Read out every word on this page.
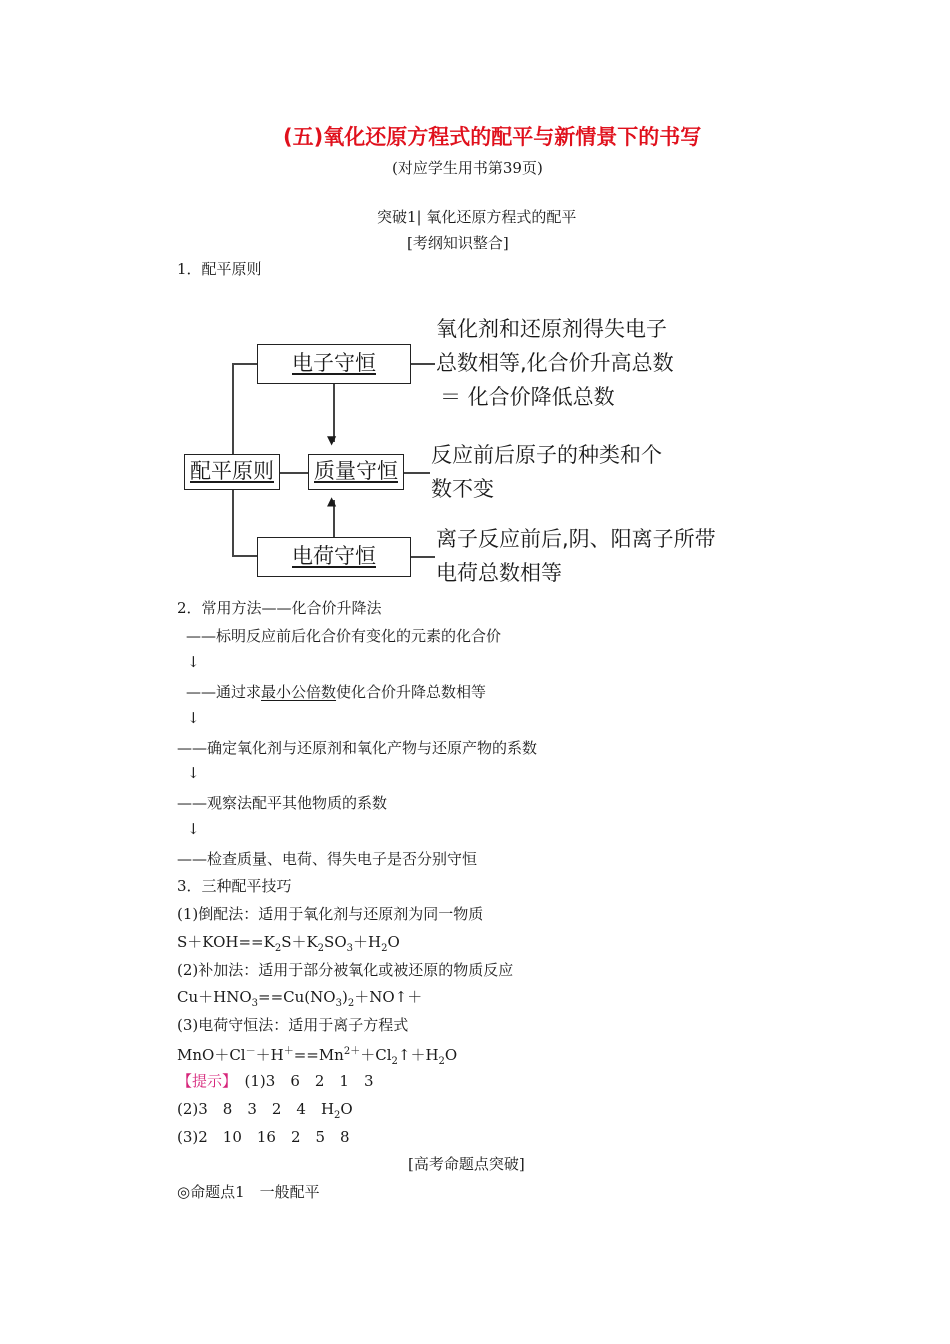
(五)氧化还原方程式的配平与新情景下的书写
(对应学生用书第39页)
突破1| 氧化还原方程式的配平
[考纲知识整合]
1．配平原则
配平原则
电子守恒
氧化剂和还原剂得失电子
总数相等,化合价升高总数
＝ 化合价降低总数
▼
▲
质量守恒
反应前后原子的种类和个
数不变
电荷守恒
离子反应前后,阴、阳离子所带
电荷总数相等
2．常用方法——化合价升降法
——标明反应前后化合价有变化的元素的化合价
↓
——通过求最小公倍数使化合价升降总数相等
↓
——确定氧化剂与还原剂和氧化产物与还原产物的系数
↓
——观察法配平其他物质的系数
↓
——检查质量、电荷、得失电子是否分别守恒
3．三种配平技巧
(1)倒配法：适用于氧化剂与还原剂为同一物质
$S+KOH==K_2S+K_2SO_3+H_2O$
(2)补加法：适用于部分被氧化或被还原的物质反应
$Cu+HNO_3==Cu(NO_3)_2+NO↑+$
(3)电荷守恒法：适用于离子方程式
$MnO+Cl^-+H^+==Mn^{2+}+Cl_2↑+H_2O$
【提示】　 (1)3　6　2　1　3
(2)3　8　3　2　4　$H_2O$
(3)2　10　16　2　5　8
[高考命题点突破]
◎命题点1　一般配平
